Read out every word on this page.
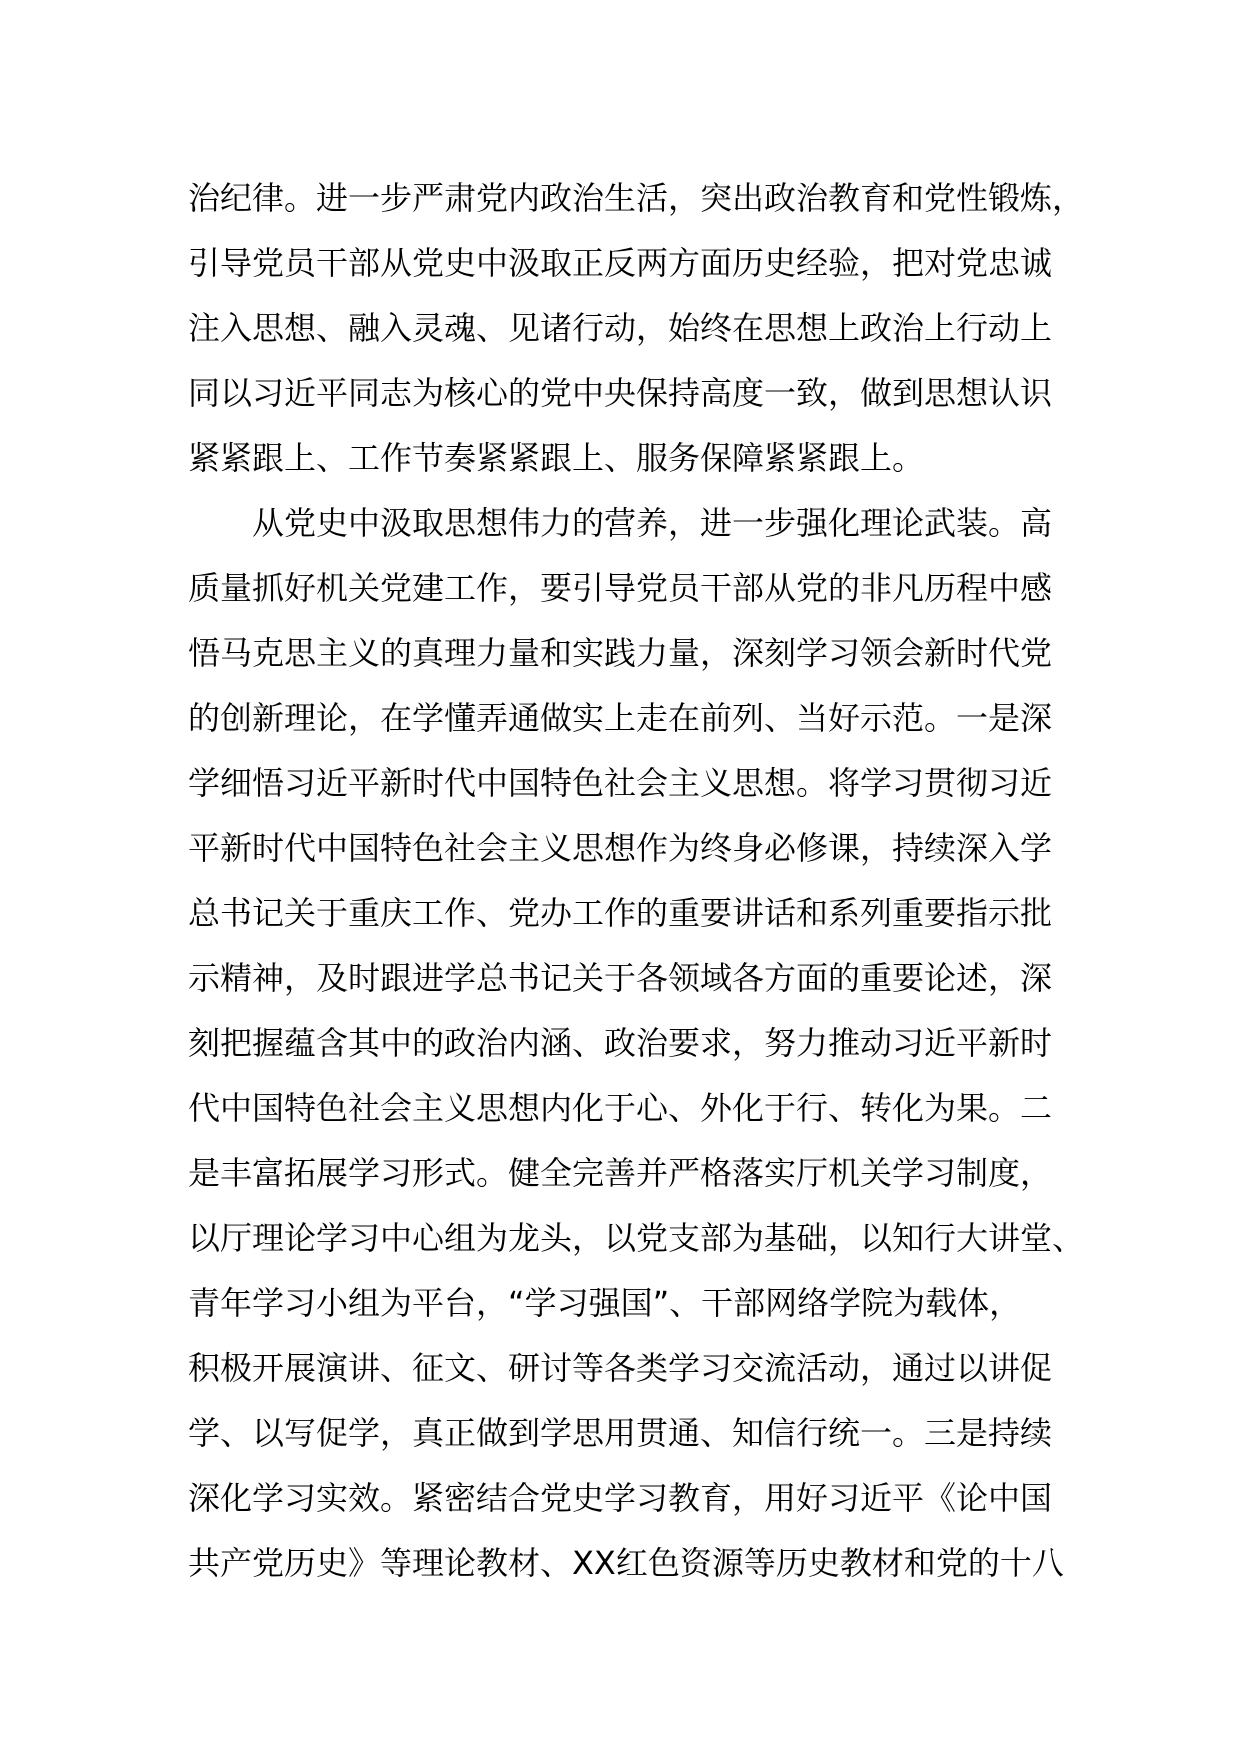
治纪律。进一步严肃党内政治生活，突出政治教育和党性锻炼，
引导党员干部从党史中汲取正反两方面历史经验，把对党忠诚
注入思想、融入灵魂、见诸行动，始终在思想上政治上行动上
同以习近平同志为核心的党中央保持高度一致，做到思想认识
紧紧跟上、工作节奏紧紧跟上、服务保障紧紧跟上。
　　从党史中汲取思想伟力的营养，进一步强化理论武装。高
质量抓好机关党建工作，要引导党员干部从党的非凡历程中感
悟马克思主义的真理力量和实践力量，深刻学习领会新时代党
的创新理论，在学懂弄通做实上走在前列、当好示范。一是深
学细悟习近平新时代中国特色社会主义思想。将学习贯彻习近
平新时代中国特色社会主义思想作为终身必修课，持续深入学
总书记关于重庆工作、党办工作的重要讲话和系列重要指示批
示精神，及时跟进学总书记关于各领域各方面的重要论述，深
刻把握蕴含其中的政治内涵、政治要求，努力推动习近平新时
代中国特色社会主义思想内化于心、外化于行、转化为果。二
是丰富拓展学习形式。健全完善并严格落实厅机关学习制度，
以厅理论学习中心组为龙头，以党支部为基础，以知行大讲堂、
青年学习小组为平台，“学习强国”、干部网络学院为载体，
积极开展演讲、征文、研讨等各类学习交流活动，通过以讲促
学、以写促学，真正做到学思用贯通、知信行统一。三是持续
深化学习实效。紧密结合党史学习教育，用好习近平《论中国
共产党历史》等理论教材、XX红色资源等历史教材和党的十八
